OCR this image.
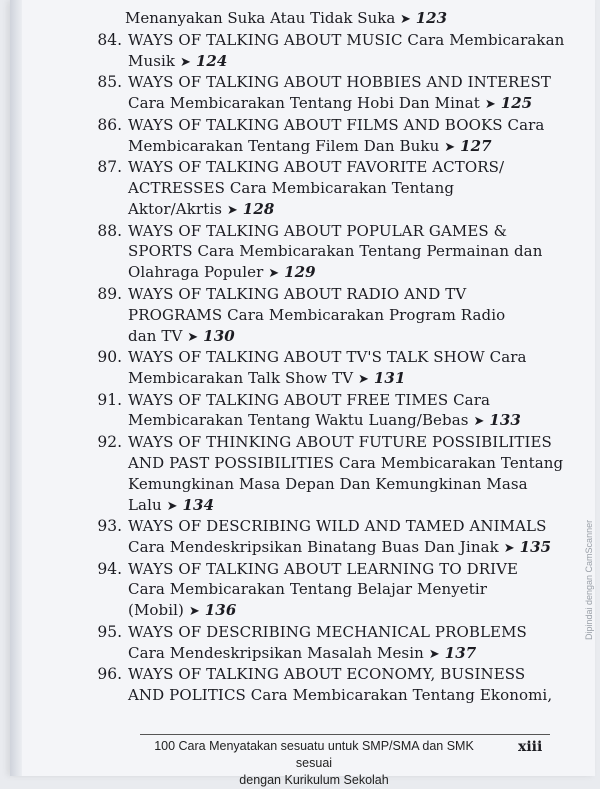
Menanyakan Suka Atau Tidak Suka ➤ 123
84. WAYS OF TALKING ABOUT MUSIC Cara Membicarakan
Musik ➤ 124
85. WAYS OF TALKING ABOUT HOBBIES AND INTEREST
Cara Membicarakan Tentang Hobi Dan Minat ➤ 125
86. WAYS OF TALKING ABOUT FILMS AND BOOKS Cara
Membicarakan Tentang Filem Dan Buku ➤ 127
87. WAYS OF TALKING ABOUT FAVORITE ACTORS/
ACTRESSES Cara Membicarakan Tentang
Aktor/Akrtis ➤ 128
88. WAYS OF TALKING ABOUT POPULAR GAMES &
SPORTS Cara Membicarakan Tentang Permainan dan
Olahraga Populer ➤ 129
89. WAYS OF TALKING ABOUT RADIO AND TV
PROGRAMS Cara Membicarakan Program Radio
dan TV ➤ 130
90. WAYS OF TALKING ABOUT TV'S TALK SHOW Cara
Membicarakan Talk Show TV ➤ 131
91. WAYS OF TALKING ABOUT FREE TIMES Cara
Membicarakan Tentang Waktu Luang/Bebas ➤ 133
92. WAYS OF THINKING ABOUT FUTURE POSSIBILITIES
AND PAST POSSIBILITIES Cara Membicarakan Tentang
Kemungkinan Masa Depan Dan Kemungkinan Masa
Lalu ➤ 134
93. WAYS OF DESCRIBING WILD AND TAMED ANIMALS
Cara Mendeskripsikan Binatang Buas Dan Jinak ➤ 135
94. WAYS OF TALKING ABOUT LEARNING TO DRIVE
Cara Membicarakan Tentang Belajar Menyetir
(Mobil) ➤ 136
95. WAYS OF DESCRIBING MECHANICAL PROBLEMS
Cara Mendeskripsikan Masalah Mesin ➤ 137
96. WAYS OF TALKING ABOUT ECONOMY, BUSINESS
AND POLITICS Cara Membicarakan Tentang Ekonomi,
100 Cara Menyatakan sesuatu untuk SMP/SMA dan SMK sesuai
dengan Kurikulum Sekolah
xiii
Dipindai dengan CamScanner
